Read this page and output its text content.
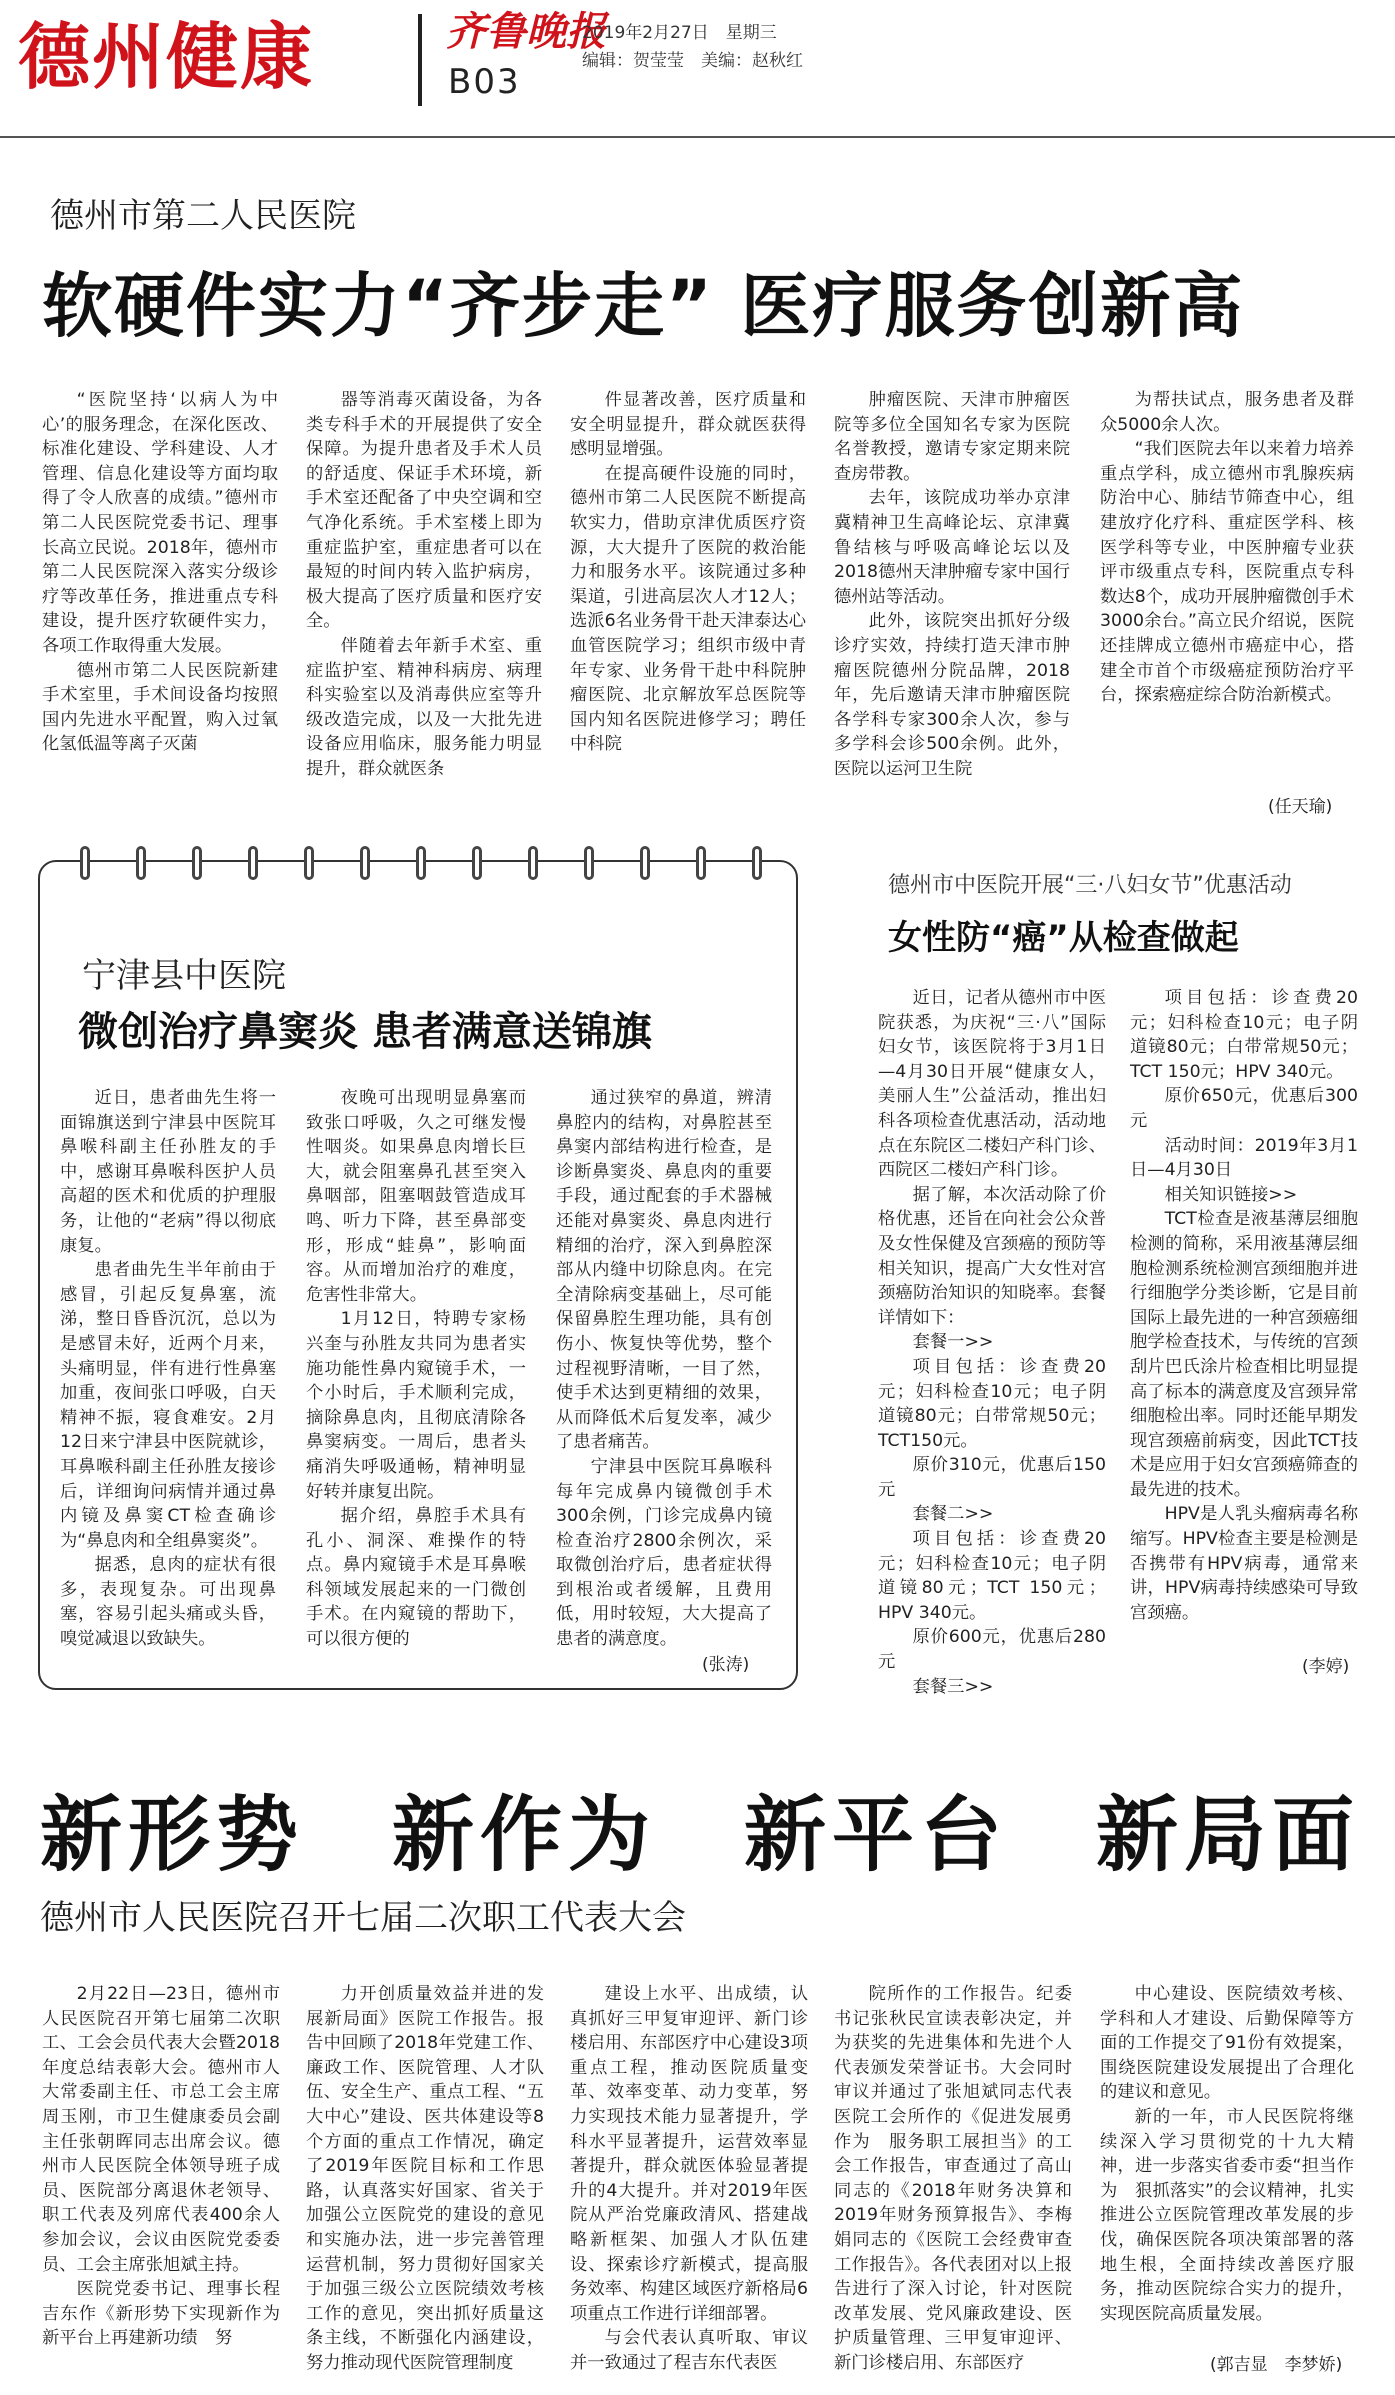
德州健康	齐鲁晚报
B03
2019年2月27日　星期三
编辑：贺莹莹　美编：赵秋红
德州市第二人民医院
软硬件实力“齐步走” 医疗服务创新高

“医院坚持‘以病人为中心’的服务理念，在深化医改、标准化建设、学科建设、人才管理、信息化建设等方面均取得了令人欣喜的成绩。”德州市第二人民医院党委书记、理事长高立民说。2018年，德州市第二人民医院深入落实分级诊疗等改革任务，推进重点专科建设，提升医疗软硬件实力，各项工作取得重大发展。

德州市第二人民医院新建手术室里，手术间设备均按照国内先进水平配置，购入过氧化氢低温等离子灭菌

器等消毒灭菌设备，为各类专科手术的开展提供了安全保障。为提升患者及手术人员的舒适度、保证手术环境，新手术室还配备了中央空调和空气净化系统。手术室楼上即为重症监护室，重症患者可以在最短的时间内转入监护病房，极大提高了医疗质量和医疗安全。

伴随着去年新手术室、重症监护室、精神科病房、病理科实验室以及消毒供应室等升级改造完成，以及一大批先进设备应用临床，服务能力明显提升，群众就医条

件显著改善，医疗质量和安全明显提升，群众就医获得感明显增强。

在提高硬件设施的同时，德州市第二人民医院不断提高软实力，借助京津优质医疗资源，大大提升了医院的救治能力和服务水平。该院通过多种渠道，引进高层次人才12人；选派6名业务骨干赴天津泰达心血管医院学习；组织市级中青年专家、业务骨干赴中科院肿瘤医院、北京解放军总医院等国内知名医院进修学习；聘任中科院

肿瘤医院、天津市肿瘤医院等多位全国知名专家为医院名誉教授，邀请专家定期来院查房带教。

去年，该院成功举办京津冀精神卫生高峰论坛、京津冀鲁结核与呼吸高峰论坛以及2018德州天津肿瘤专家中国行德州站等活动。

此外，该院突出抓好分级诊疗实效，持续打造天津市肿瘤医院德州分院品牌，2018年，先后邀请天津市肿瘤医院各学科专家300余人次，参与多学科会诊500余例。此外，医院以运河卫生院

为帮扶试点，服务患者及群众5000余人次。

“我们医院去年以来着力培养重点学科，成立德州市乳腺疾病防治中心、肺结节筛查中心，组建放疗化疗科、重症医学科、核医学科等专业，中医肿瘤专业获评市级重点专科，医院重点专科数达8个，成功开展肿瘤微创手术3000余台。”高立民介绍说，医院还挂牌成立德州市癌症中心，搭建全市首个市级癌症预防治疗平台，探索癌症综合防治新模式。

(任天瑜)
宁津县中医院
微创治疗鼻窦炎 患者满意送锦旗

近日，患者曲先生将一面锦旗送到宁津县中医院耳鼻喉科副主任孙胜友的手中，感谢耳鼻喉科医护人员高超的医术和优质的护理服务，让他的“老病”得以彻底康复。

患者曲先生半年前由于感冒，引起反复鼻塞，流涕，整日昏昏沉沉，总以为是感冒未好，近两个月来，头痛明显，伴有进行性鼻塞加重，夜间张口呼吸，白天精神不振，寝食难安。2月12日来宁津县中医院就诊，耳鼻喉科副主任孙胜友接诊后，详细询问病情并通过鼻内镜及鼻窦CT检查确诊为“鼻息肉和全组鼻窦炎”。

据悉，息肉的症状有很多，表现复杂。可出现鼻塞，容易引起头痛或头昏，嗅觉减退以致缺失。

夜晚可出现明显鼻塞而致张口呼吸，久之可继发慢性咽炎。如果鼻息肉增长巨大，就会阻塞鼻孔甚至突入鼻咽部，阻塞咽鼓管造成耳鸣、听力下降，甚至鼻部变形，形成“蛙鼻”，影响面容。从而增加治疗的难度，危害性非常大。

1月12日，特聘专家杨兴奎与孙胜友共同为患者实施功能性鼻内窥镜手术，一个小时后，手术顺利完成，摘除鼻息肉，且彻底清除各鼻窦病变。一周后，患者头痛消失呼吸通畅，精神明显好转并康复出院。

据介绍，鼻腔手术具有孔小、洞深、难操作的特点。鼻内窥镜手术是耳鼻喉科领域发展起来的一门微创手术。在内窥镜的帮助下，可以很方便的

通过狭窄的鼻道，辨清鼻腔内的结构，对鼻腔甚至鼻窦内部结构进行检查，是诊断鼻窦炎、鼻息肉的重要手段，通过配套的手术器械还能对鼻窦炎、鼻息肉进行精细的治疗，深入到鼻腔深部从内缝中切除息肉。在完全清除病变基础上，尽可能保留鼻腔生理功能，具有创伤小、恢复快等优势，整个过程视野清晰，一目了然，使手术达到更精细的效果，从而降低术后复发率，减少了患者痛苦。

宁津县中医院耳鼻喉科每年完成鼻内镜微创手术300余例，门诊完成鼻内镜检查治疗2800余例次，采取微创治疗后，患者症状得到根治或者缓解，且费用低，用时较短，大大提高了患者的满意度。

(张涛)
德州市中医院开展“三·八妇女节”优惠活动
女性防“癌”从检查做起

近日，记者从德州市中医院获悉，为庆祝“三·八”国际妇女节，该医院将于3月1日—4月30日开展“健康女人，美丽人生”公益活动，推出妇科各项检查优惠活动，活动地点在东院区二楼妇产科门诊、西院区二楼妇产科门诊。

据了解，本次活动除了价格优惠，还旨在向社会公众普及女性保健及宫颈癌的预防等相关知识，提高广大女性对宫颈癌防治知识的知晓率。套餐详情如下：

套餐一>>

项目包括：诊查费20元；妇科检查10元；电子阴道镜80元；白带常规50元；TCT150元。

原价310元，优惠后150元

套餐二>>

项目包括：诊查费20元；妇科检查10元；电子阴道镜80元；TCT 150元；HPV 340元。

原价600元，优惠后280元

套餐三>>

项目包括：诊查费20元；妇科检查10元；电子阴道镜80元；白带常规50元；TCT 150元；HPV 340元。

原价650元，优惠后300元

活动时间：2019年3月1日—4月30日

相关知识链接>>

TCT检查是液基薄层细胞检测的简称，采用液基薄层细胞检测系统检测宫颈细胞并进行细胞学分类诊断，它是目前国际上最先进的一种宫颈癌细胞学检查技术，与传统的宫颈刮片巴氏涂片检查相比明显提高了标本的满意度及宫颈异常细胞检出率。同时还能早期发现宫颈癌前病变，因此TCT技术是应用于妇女宫颈癌筛查的最先进的技术。

HPV是人乳头瘤病毒名称缩写。HPV检查主要是检测是否携带有HPV病毒，通常来讲，HPV病毒持续感染可导致宫颈癌。

(李婷)
新形势　新作为　新平台　新局面
德州市人民医院召开七届二次职工代表大会

2月22日—23日，德州市人民医院召开第七届第二次职工、工会会员代表大会暨2018年度总结表彰大会。德州市人大常委副主任、市总工会主席周玉刚，市卫生健康委员会副主任张朝晖同志出席会议。德州市人民医院全体领导班子成员、医院部分离退休老领导、职工代表及列席代表400余人参加会议，会议由医院党委委员、工会主席张旭斌主持。

医院党委书记、理事长程吉东作《新形势下实现新作为　新平台上再建新功绩　努

力开创质量效益并进的发展新局面》医院工作报告。报告中回顾了2018年党建工作、廉政工作、医院管理、人才队伍、安全生产、重点工程、“五大中心”建设、医共体建设等8个方面的重点工作情况，确定了2019年医院目标和工作思路，认真落实好国家、省关于加强公立医院党的建设的意见和实施办法，进一步完善管理运营机制，努力贯彻好国家关于加强三级公立医院绩效考核工作的意见，突出抓好质量这条主线，不断强化内涵建设，努力推动现代医院管理制度

建设上水平、出成绩，认真抓好三甲复审迎评、新门诊楼启用、东部医疗中心建设3项重点工程，推动医院质量变革、效率变革、动力变革，努力实现技术能力显著提升，学科水平显著提升，运营效率显著提升，群众就医体验显著提升的4大提升。并对2019年医院从严治党廉政清风、搭建战略新框架、加强人才队伍建设、探索诊疗新模式，提高服务效率、构建区域医疗新格局6项重点工作进行详细部署。

与会代表认真听取、审议并一致通过了程吉东代表医

院所作的工作报告。纪委书记张秋民宣读表彰决定，并为获奖的先进集体和先进个人代表颁发荣誉证书。大会同时审议并通过了张旭斌同志代表医院工会所作的《促进发展勇作为　服务职工展担当》的工会工作报告，审查通过了高山同志的《2018年财务决算和2019年财务预算报告》、李梅娟同志的《医院工会经费审查工作报告》。各代表团对以上报告进行了深入讨论，针对医院改革发展、党风廉政建设、医护质量管理、三甲复审迎评、新门诊楼启用、东部医疗

中心建设、医院绩效考核、学科和人才建设、后勤保障等方面的工作提交了91份有效提案，围绕医院建设发展提出了合理化的建议和意见。

新的一年，市人民医院将继续深入学习贯彻党的十九大精神，进一步落实省委市委“担当作为　狠抓落实”的会议精神，扎实推进公立医院管理改革发展的步伐，确保医院各项决策部署的落地生根，全面持续改善医疗服务，推动医院综合实力的提升，实现医院高质量发展。

(郭吉显　李梦娇)
